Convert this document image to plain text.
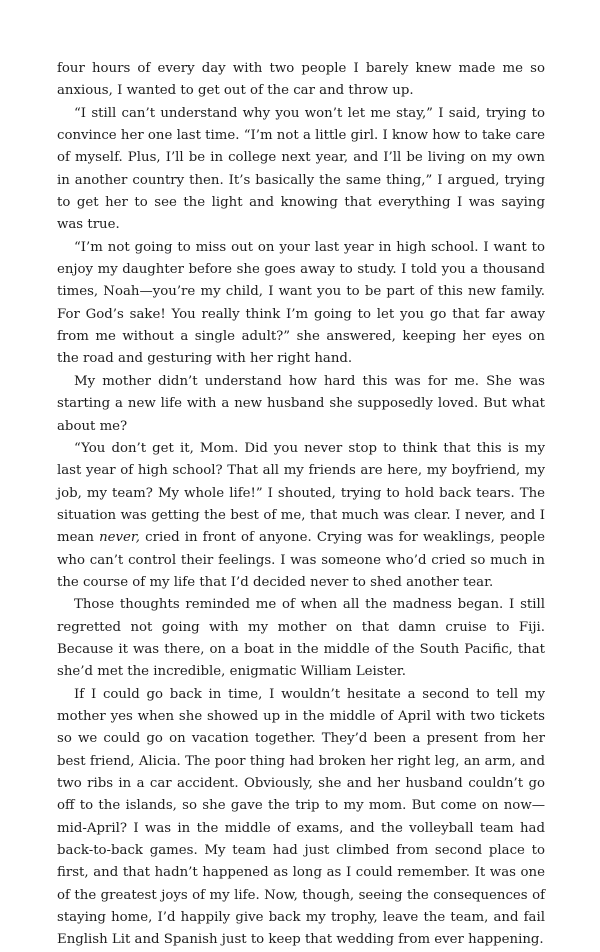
four hours of every day with two people I barely knew made me so anxious, I wanted to get out of the car and throw up.

“I still can’t understand why you won’t let me stay,” I said, trying to convince her one last time. “I’m not a little girl. I know how to take care of myself. Plus, I’ll be in college next year, and I’ll be living on my own in another country then. It’s basically the same thing,” I argued, trying to get her to see the light and knowing that everything I was saying was true.

“I’m not going to miss out on your last year in high school. I want to enjoy my daughter before she goes away to study. I told you a thousand times, Noah—you’re my child, I want you to be part of this new family. For God’s sake! You really think I’m going to let you go that far away from me without a single adult?” she answered, keeping her eyes on the road and gesturing with her right hand.

My mother didn’t understand how hard this was for me. She was starting a new life with a new husband she supposedly loved. But what about me?

“You don’t get it, Mom. Did you never stop to think that this is my last year of high school? That all my friends are here, my boyfriend, my job, my team? My whole life!” I shouted, trying to hold back tears. The situation was getting the best of me, that much was clear. I never, and I mean never, cried in front of anyone. Crying was for weaklings, people who can’t control their feelings. I was someone who’d cried so much in the course of my life that I’d decided never to shed another tear.

Those thoughts reminded me of when all the madness began. I still regretted not going with my mother on that damn cruise to Fiji. Because it was there, on a boat in the middle of the South Pacific, that she’d met the incredible, enigmatic William Leister.

If I could go back in time, I wouldn’t hesitate a second to tell my mother yes when she showed up in the middle of April with two tickets so we could go on vacation together. They’d been a present from her best friend, Alicia. The poor thing had broken her right leg, an arm, and two ribs in a car accident. Obviously, she and her husband couldn’t go off to the islands, so she gave the trip to my mom. But come on now—mid-April? I was in the middle of exams, and the volleyball team had back-to-back games. My team had just climbed from second place to first, and that hadn’t happened as long as I could remember. It was one of the greatest joys of my life. Now, though, seeing the consequences of staying home, I’d happily give back my trophy, leave the team, and fail English Lit and Spanish just to keep that wedding from ever happening.
